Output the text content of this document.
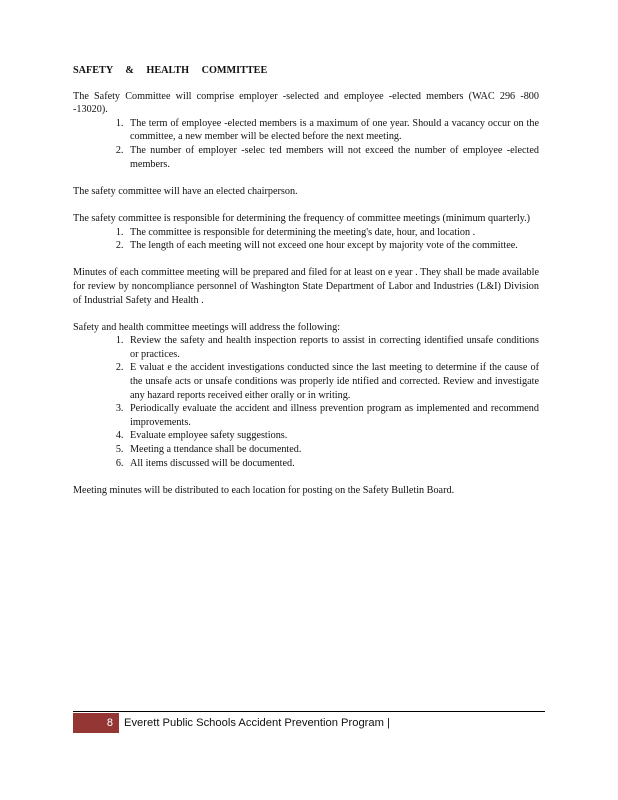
SAFETY & HEALTH COMMITTEE

The Safety Committee will comprise employer -selected and employee -elected members (WAC 296 -800 -13020).

1. The term of employee -elected members is a maximum of one year. Should a vacancy occur on the committee, a new member will be elected before the next meeting.
2. The number of employer -selec ted members will not exceed the number of employee -elected members.

The safety committee will have an elected chairperson.

The safety committee is responsible for determining the frequency of committee meetings (minimum quarterly.)

1. The committee is responsible for determining the meeting's date, hour, and location .
2. The length of each meeting will not exceed one hour except by majority vote of the committee.

Minutes of each committee meeting will be prepared and filed for at least on e year . They shall be made available for review by noncompliance personnel of Washington State Department of Labor and Industries (L&I) Division of Industrial Safety and Health .

Safety and health committee meetings will address the following:

1. Review the safety and health inspection reports to assist in correcting identified unsafe conditions or practices.
2. E valuat e the accident investigations conducted since the last meeting to determine if the cause of the unsafe acts or unsafe conditions was properly ide ntified and corrected. Review and investigate any hazard reports received either orally or in writing.
3. Periodically evaluate the accident and illness prevention program as implemented and recommend improvements.
4. Evaluate employee safety suggestions.
5. Meeting a ttendance shall be documented.
6. All items discussed will be documented.

Meeting minutes will be distributed to each location for posting on the Safety Bulletin Board.

8 Everett Public Schools Accident Prevention Program |
